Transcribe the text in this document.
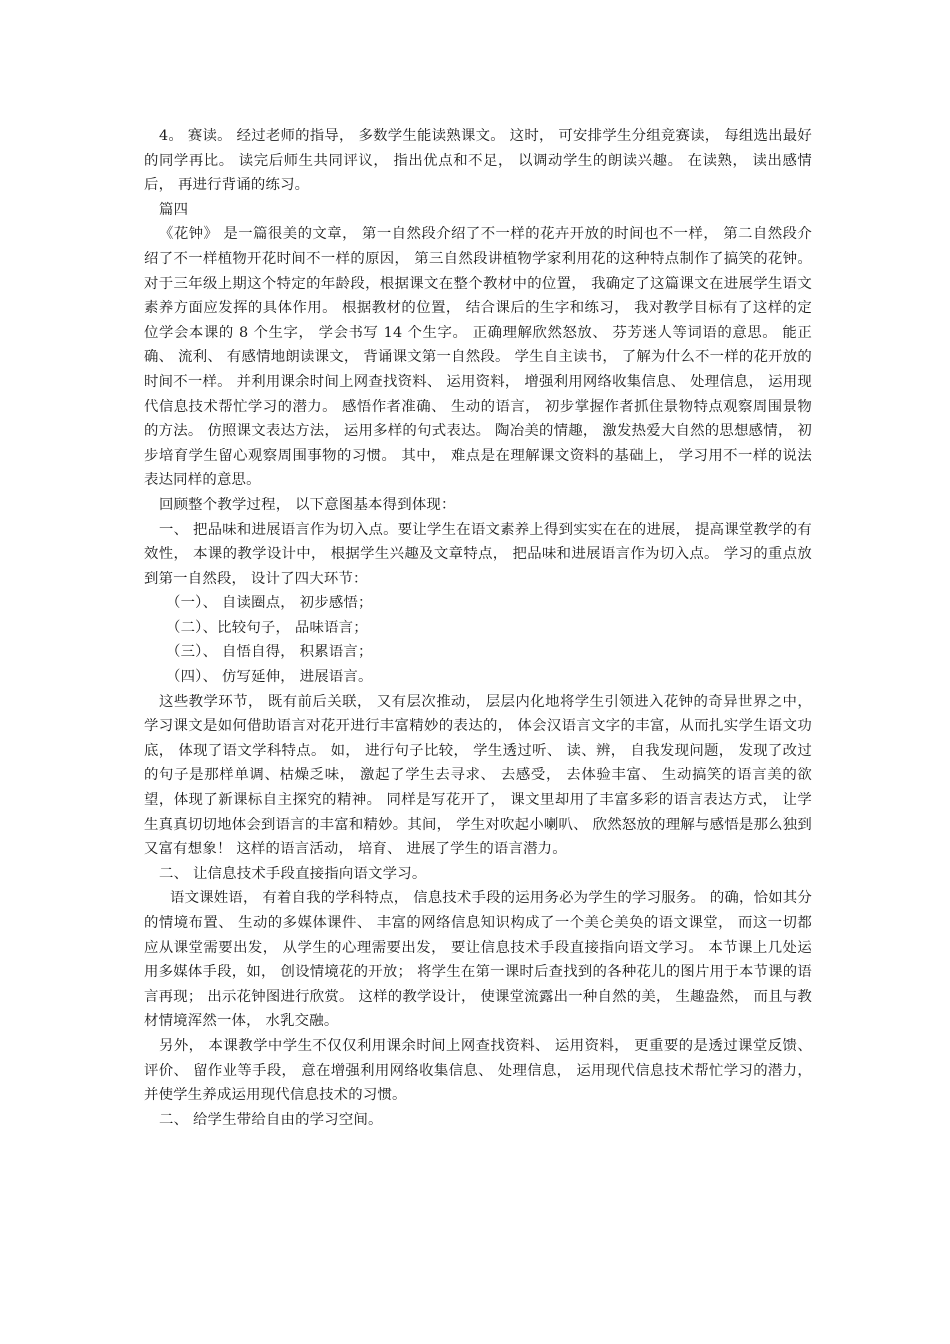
4。 赛读。 经过老师的指导， 多数学生能读熟课文。 这时， 可安排学生分组竞赛读， 每组选出最好的同学再比。 读完后师生共同评议， 指出优点和不足， 以调动学生的朗读兴趣。 在读熟， 读出感情后， 再进行背诵的练习。

篇四

《花钟》 是一篇很美的文章， 第一自然段介绍了不一样的花卉开放的时间也不一样， 第二自然段介绍了不一样植物开花时间不一样的原因， 第三自然段讲植物学家利用花的这种特点制作了搞笑的花钟。 对于三年级上期这个特定的年龄段，根据课文在整个教材中的位置， 我确定了这篇课文在进展学生语文素养方面应发挥的具体作用。 根据教材的位置， 结合课后的生字和练习， 我对教学目标有了这样的定位学会本课的 8 个生字， 学会书写 14 个生字。 正确理解欣然怒放、 芬芳迷人等词语的意思。 能正确、 流利、 有感情地朗读课文， 背诵课文第一自然段。 学生自主读书， 了解为什么不一样的花开放的时间不一样。 并利用课余时间上网查找资料、 运用资料， 增强利用网络收集信息、 处理信息， 运用现代信息技术帮忙学习的潜力。 感悟作者准确、 生动的语言， 初步掌握作者抓住景物特点观察周围景物的方法。 仿照课文表达方法， 运用多样的句式表达。 陶冶美的情趣， 激发热爱大自然的思想感情， 初步培育学生留心观察周围事物的习惯。 其中， 难点是在理解课文资料的基础上， 学习用不一样的说法表达同样的意思。

回顾整个教学过程， 以下意图基本得到体现：

一、 把品味和进展语言作为切入点。要让学生在语文素养上得到实实在在的进展， 提高课堂教学的有效性， 本课的教学设计中， 根据学生兴趣及文章特点， 把品味和进展语言作为切入点。 学习的重点放到第一自然段， 设计了四大环节：

（一）、 自读圈点， 初步感悟；

（二）、比较句子， 品味语言；

（三）、 自悟自得， 积累语言；

（四）、 仿写延伸， 进展语言。

这些教学环节， 既有前后关联， 又有层次推动， 层层内化地将学生引领进入花钟的奇异世界之中， 学习课文是如何借助语言对花开进行丰富精妙的表达的， 体会汉语言文字的丰富，从而扎实学生语文功底， 体现了语文学科特点。 如， 进行句子比较， 学生透过听、 读、辨， 自我发现问题， 发现了改过的句子是那样单调、枯燥乏味， 激起了学生去寻求、 去感受， 去体验丰富、 生动搞笑的语言美的欲望，体现了新课标自主探究的精神。 同样是写花开了， 课文里却用了丰富多彩的语言表达方式， 让学生真真切切地体会到语言的丰富和精妙。其间， 学生对吹起小喇叭、 欣然怒放的理解与感悟是那么独到又富有想象！ 这样的语言活动， 培育、 进展了学生的语言潜力。

二、 让信息技术手段直接指向语文学习。

语文课姓语， 有着自我的学科特点， 信息技术手段的运用务必为学生的学习服务。 的确，恰如其分的情境布置、 生动的多媒体课件、 丰富的网络信息知识构成了一个美仑美奂的语文课堂， 而这一切都应从课堂需要出发， 从学生的心理需要出发， 要让信息技术手段直接指向语文学习。 本节课上几处运用多媒体手段，如， 创设情境花的开放； 将学生在第一课时后查找到的各种花儿的图片用于本节课的语言再现； 出示花钟图进行欣赏。 这样的教学设计， 使课堂流露出一种自然的美， 生趣盎然， 而且与教材情境浑然一体， 水乳交融。

另外， 本课教学中学生不仅仅利用课余时间上网查找资料、 运用资料， 更重要的是透过课堂反馈、 评价、 留作业等手段， 意在增强利用网络收集信息、 处理信息， 运用现代信息技术帮忙学习的潜力， 并使学生养成运用现代信息技术的习惯。

二、 给学生带给自由的学习空间。
